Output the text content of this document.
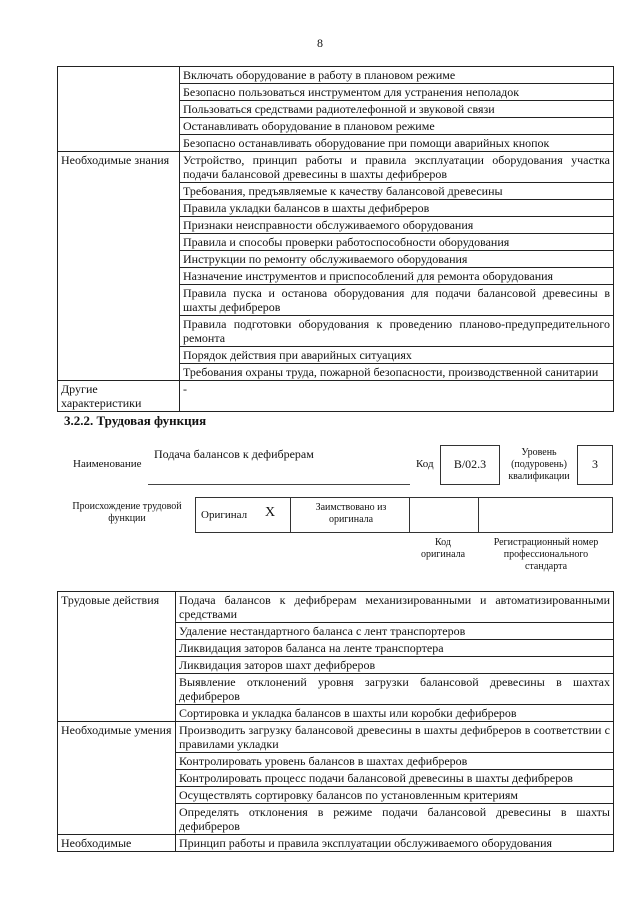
8
	Включать оборудование в работу в плановом режиме
	Безопасно пользоваться инструментом для устранения неполадок
	Пользоваться средствами радиотелефонной и звуковой связи
	Останавливать оборудование в плановом режиме
	Безопасно останавливать оборудование при помощи аварийных кнопок
Необходимые знания	Устройство, принцип работы и правила эксплуатации оборудования участка подачи балансовой древесины в шахты дефибреров
	Требования, предъявляемые к качеству балансовой древесины
	Правила укладки балансов в шахты дефибреров
	Признаки неисправности обслуживаемого оборудования
	Правила и способы проверки работоспособности оборудования
	Инструкции по ремонту обслуживаемого оборудования
	Назначение инструментов и приспособлений для ремонта оборудования
	Правила пуска и останова оборудования для подачи балансовой древесины в шахты дефибреров
	Правила подготовки оборудования к проведению планово-предупредительного ремонта
	Порядок действия при аварийных ситуациях
	Требования охраны труда, пожарной безопасности, производственной санитарии
Другие характеристики	-
3.2.2. Трудовая функция
Наименование
Подача балансов к дефибрерам
Код	В/02.3
Уровень (подуровень) квалификации
3
Происхождение трудовой функции	Оригинал Х	Заимствовано из оригинала
Код оригинала
Регистрационный номер профессионального стандарта
Трудовые действия	Подача балансов к дефибрерам механизированными и автоматизированными средствами
	Удаление нестандартного баланса с лент транспортеров
	Ликвидация заторов баланса на ленте транспортера
	Ликвидация заторов шахт дефибреров
	Выявление отклонений уровня загрузки балансовой древесины в шахтах дефибреров
	Сортировка и укладка балансов в шахты или коробки дефибреров
Необходимые умения	Производить загрузку балансовой древесины в шахты дефибреров в соответствии с правилами укладки
	Контролировать уровень балансов в шахтах дефибреров
	Контролировать процесс подачи балансовой древесины в шахты дефибреров
	Осуществлять сортировку балансов по установленным критериям
	Определять отклонения в режиме подачи балансовой древесины в шахты дефибреров
Необходимые	Принцип работы и правила эксплуатации обслуживаемого оборудования
